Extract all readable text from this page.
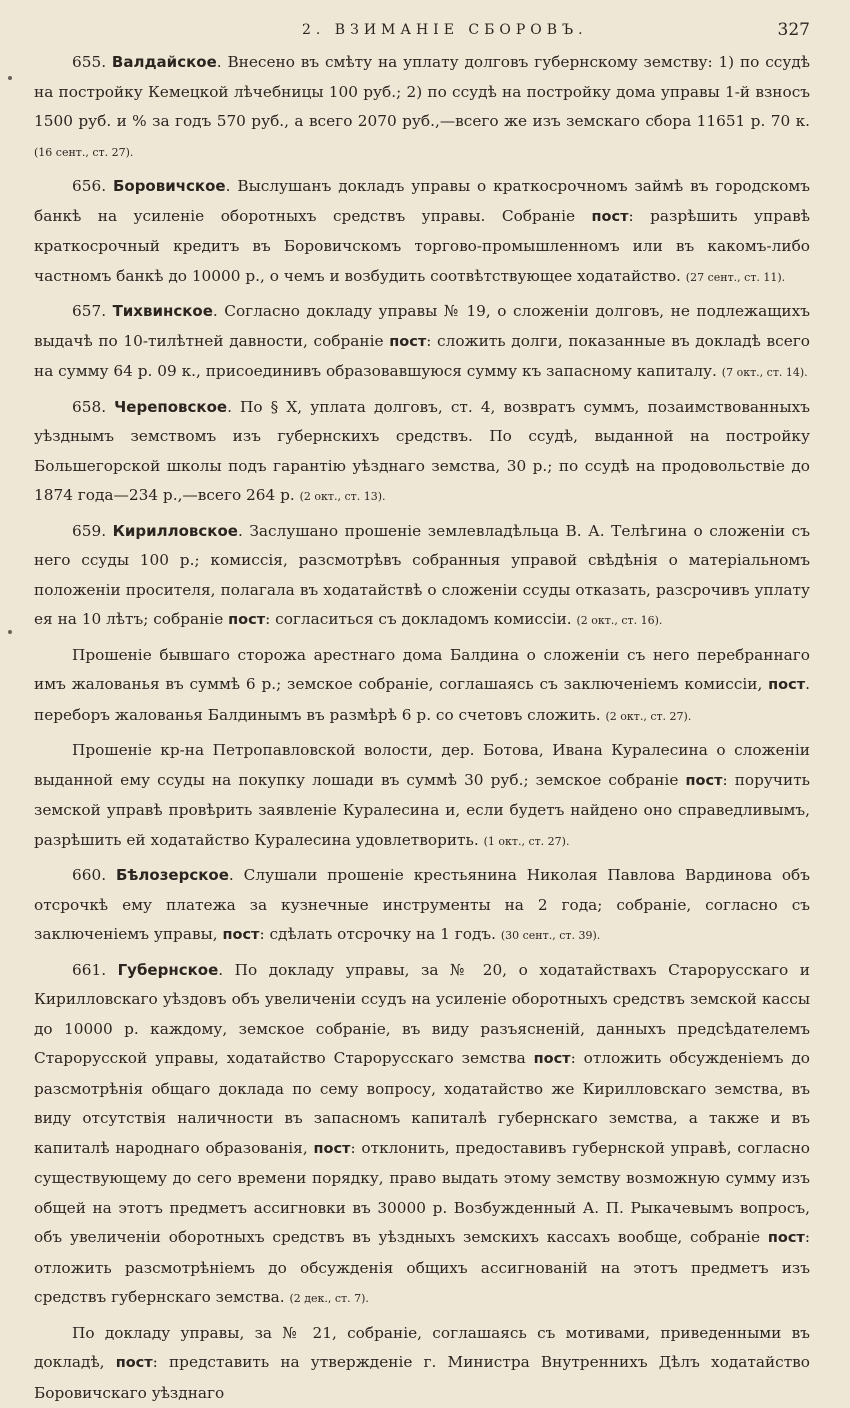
2. ВЗИМАНІЕ СБОРОВЪ.	327

655. Валдайское. Внесено въ смѣту на уплату долговъ губернскому земству: 1) по ссудѣ на постройку Кемецкой лѣчебницы 100 руб.; 2) по ссудѣ на постройку дома управы 1-й взносъ 1500 руб. и % за годъ 570 руб., а всего 2070 руб.,—всего же изъ земскаго сбора 11651 р. 70 к. (16 сент., ст. 27).

656. Боровичское. Выслушанъ докладъ управы о краткосрочномъ займѣ въ городскомъ банкѣ на усиленіе оборотныхъ средствъ управы. Собраніе пост: разрѣшить управѣ краткосрочный кредитъ въ Боровичскомъ торгово-промышленномъ или въ какомъ-либо частномъ банкѣ до 10000 р., о чемъ и возбудить соотвѣтствующее ходатайство. (27 сент., ст. 11).

657. Тихвинское. Согласно докладу управы № 19, о сложеніи долговъ, не подлежащихъ выдачѣ по 10-тилѣтней давности, собраніе пост: сложить долги, показанные въ докладѣ всего на сумму 64 р. 09 к., присоединивъ образовавшуюся сумму къ запасному капиталу. (7 окт., ст. 14).

658. Череповское. По § X, уплата долговъ, ст. 4, возвратъ суммъ, позаимствованныхъ уѣзднымъ земствомъ изъ губернскихъ средствъ. По ссудѣ, выданной на постройку Большегорской школы подъ гарантію уѣзднаго земства, 30 р.; по ссудѣ на продовольствіе до 1874 года—234 р.,—всего 264 р. (2 окт., ст. 13).

659. Кирилловское. Заслушано прошеніе землевладѣльца В. А. Телѣгина о сложеніи съ него ссуды 100 р.; комиссія, разсмотрѣвъ собранныя управой свѣдѣнія о матеріальномъ положеніи просителя, полагала въ ходатайствѣ о сложеніи ссуды отказать, разсрочивъ уплату ея на 10 лѣтъ; собраніе пост: согласиться съ докладомъ комиссіи. (2 окт., ст. 16).

Прошеніе бывшаго сторожа арестнаго дома Балдина о сложеніи съ него перебраннаго имъ жалованья въ суммѣ 6 р.; земское собраніе, соглашаясь съ заключеніемъ комиссіи, пост. переборъ жалованья Балдинымъ въ размѣрѣ 6 р. со счетовъ сложить. (2 окт., ст. 27).

Прошеніе кр-на Петропавловской волости, дер. Ботова, Ивана Куралесина о сложеніи выданной ему ссуды на покупку лошади въ суммѣ 30 руб.; земское собраніе пост: поручить земской управѣ провѣрить заявленіе Куралесина и, если будетъ найдено оно справедливымъ, разрѣшить ей ходатайство Куралесина удовлетворить. (1 окт., ст. 27).

660. Бѣлозерское. Слушали прошеніе крестьянина Николая Павлова Вардинова объ отсрочкѣ ему платежа за кузнечные инструменты на 2 года; собраніе, согласно съ заключеніемъ управы, пост: сдѣлать отсрочку на 1 годъ. (30 сент., ст. 39).

661. Губернское. По докладу управы, за № 20, о ходатайствахъ Старорусскаго и Кирилловскаго уѣздовъ объ увеличеніи ссудъ на усиленіе оборотныхъ средствъ земской кассы до 10000 р. каждому, земское собраніе, въ виду разъясненій, данныхъ предсѣдателемъ Старорусской управы, ходатайство Старорусскаго земства пост: отложить обсужденіемъ до разсмотрѣнія общаго доклада по сему вопросу, ходатайство же Кирилловскаго земства, въ виду отсутствія наличности въ запасномъ капиталѣ губернскаго земства, а также и въ капиталѣ народнаго образованія, пост: отклонить, предоставивъ губернской управѣ, согласно существующему до сего времени порядку, право выдать этому земству возможную сумму изъ общей на этотъ предметъ ассигновки въ 30000 р. Возбужденный А. П. Рыкачевымъ вопросъ, объ увеличеніи оборотныхъ средствъ въ уѣздныхъ земскихъ кассахъ вообще, собраніе пост: отложить разсмотрѣніемъ до обсужденія общихъ ассигнованій на этотъ предметъ изъ средствъ губернскаго земства. (2 дек., ст. 7).

По докладу управы, за № 21, собраніе, соглашаясь съ мотивами, приведенными въ докладѣ, пост: представить на утвержденіе г. Министра Внутреннихъ Дѣлъ ходатайство Боровичскаго уѣзднаго
